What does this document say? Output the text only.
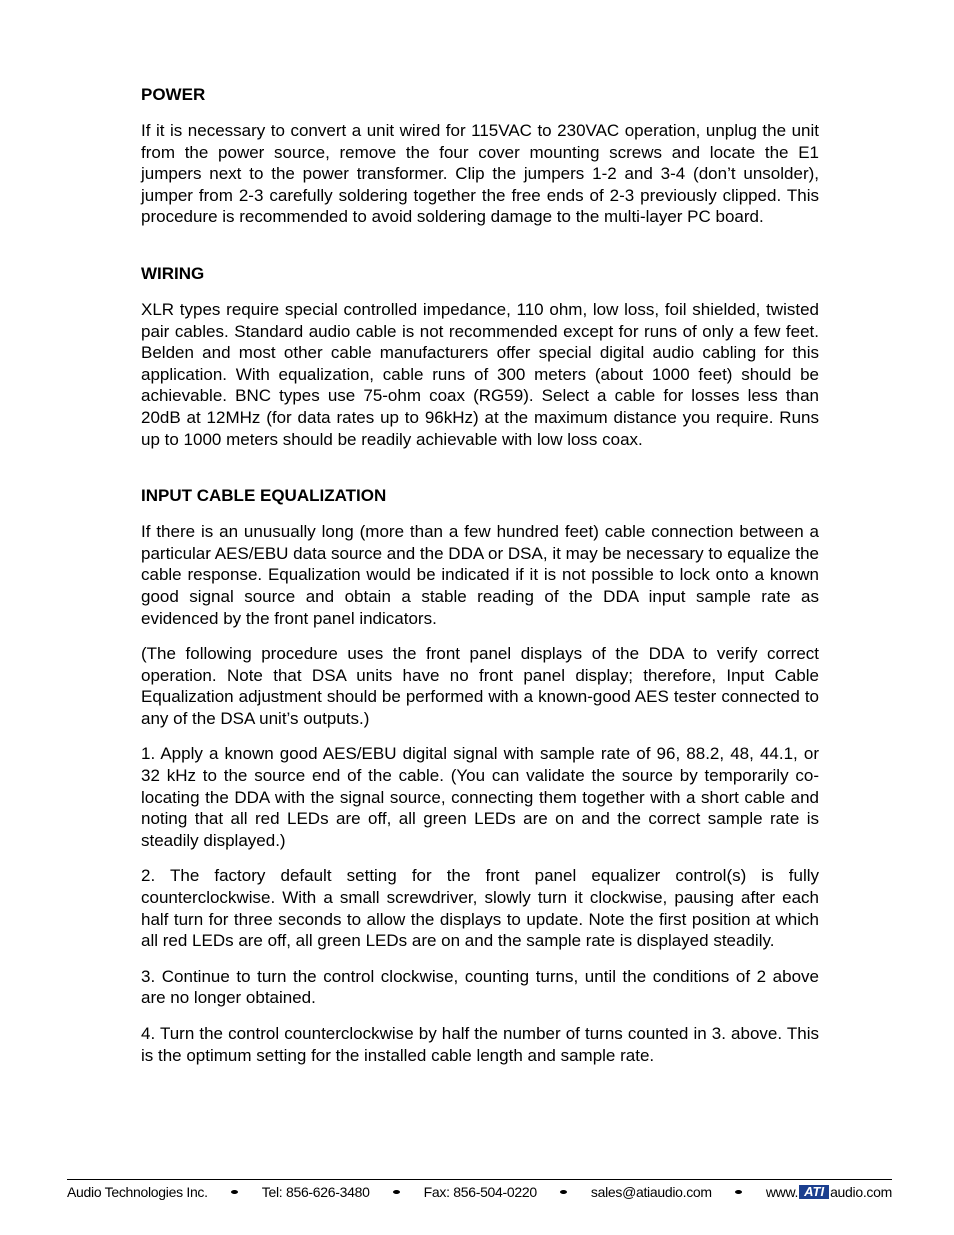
POWER

If it is necessary to convert a unit wired for 115VAC to 230VAC operation, unplug the unit from the power source, remove the four cover mounting screws and locate the E1 jumpers next to the power transformer. Clip the jumpers 1-2 and 3-4 (don’t unsolder), jumper from 2-3 carefully soldering together the free ends of 2-3 previously clipped. This procedure is recommended to avoid soldering damage to the multi-layer PC board.

WIRING

XLR types require special controlled impedance, 110 ohm, low loss, foil shielded, twisted pair cables. Standard audio cable is not recommended except for runs of only a few feet. Belden and most other cable manufacturers offer special digital audio cabling for this application. With equalization, cable runs of 300 meters (about 1000 feet) should be achievable. BNC types use 75-ohm coax (RG59). Select a cable for losses less than 20dB at 12MHz (for data rates up to 96kHz) at the maximum distance you require. Runs up to 1000 meters should be readily achievable with low loss coax.

INPUT CABLE EQUALIZATION

If there is an unusually long (more than a few hundred feet) cable connection between a particular AES/EBU data source and the DDA or DSA, it may be necessary to equalize the cable response. Equalization would be indicated if it is not possible to lock onto a known good signal source and obtain a stable reading of the DDA input sample rate as evidenced by the front panel indicators.

(The following procedure uses the front panel displays of the DDA to verify correct operation. Note that DSA units have no front panel display; therefore, Input Cable Equalization adjustment should be performed with a known-good AES tester connected to any of the DSA unit’s outputs.)

1. Apply a known good AES/EBU digital signal with sample rate of 96, 88.2, 48, 44.1, or 32 kHz to the source end of the cable. (You can validate the source by temporarily co-locating the DDA with the signal source, connecting them together with a short cable and noting that all red LEDs are off, all green LEDs are on and the correct sample rate is steadily displayed.)

2. The factory default setting for the front panel equalizer control(s) is fully counterclockwise. With a small screwdriver, slowly turn it clockwise, pausing after each half turn for three seconds to allow the displays to update. Note the first position at which all red LEDs are off, all green LEDs are on and the sample rate is displayed steadily.

3. Continue to turn the control clockwise, counting turns, until the conditions of 2 above are no longer obtained.

4. Turn the control counterclockwise by half the number of turns counted in 3. above. This is the optimum setting for the installed cable length and sample rate.

Audio Technologies Inc.	Tel: 856-626-3480	Fax: 856-504-0220	sales@atiaudio.com	www. ATI audio.com
